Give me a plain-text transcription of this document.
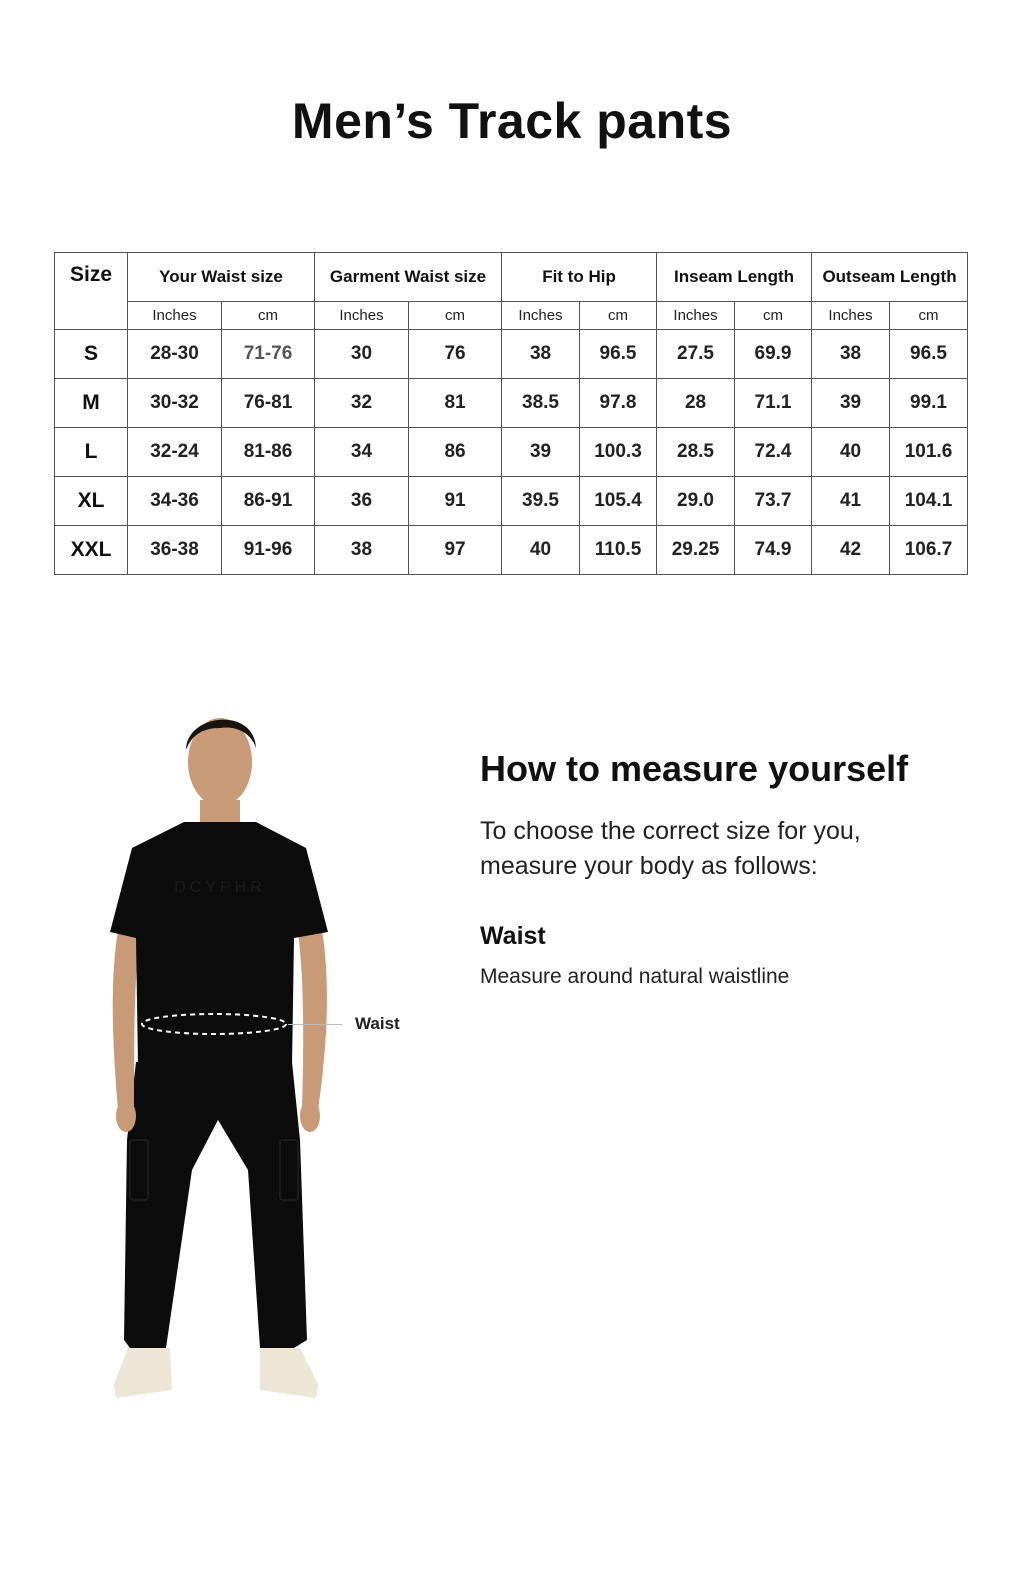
Men’s Track pants
Size	Your Waist size		Garment Waist size		Fit to Hip		Inseam Length		Outseam Length	
	Inches	cm	Inches	cm	Inches	cm	Inches	cm	Inches	cm
S	28-30	71-76	30	76	38	96.5	27.5	69.9	38	96.5
M	30-32	76-81	32	81	38.5	97.8	28	71.1	39	99.1
L	32-24	81-86	34	86	39	100.3	28.5	72.4	40	101.6
XL	34-36	86-91	36	91	39.5	105.4	29.0	73.7	41	104.1
XXL	36-38	91-96	38	97	40	110.5	29.25	74.9	42	106.7
DCYPHR
Waist
How to measure yourself

To choose the correct size for you, measure your body as follows:

Waist

Measure around natural waistline
